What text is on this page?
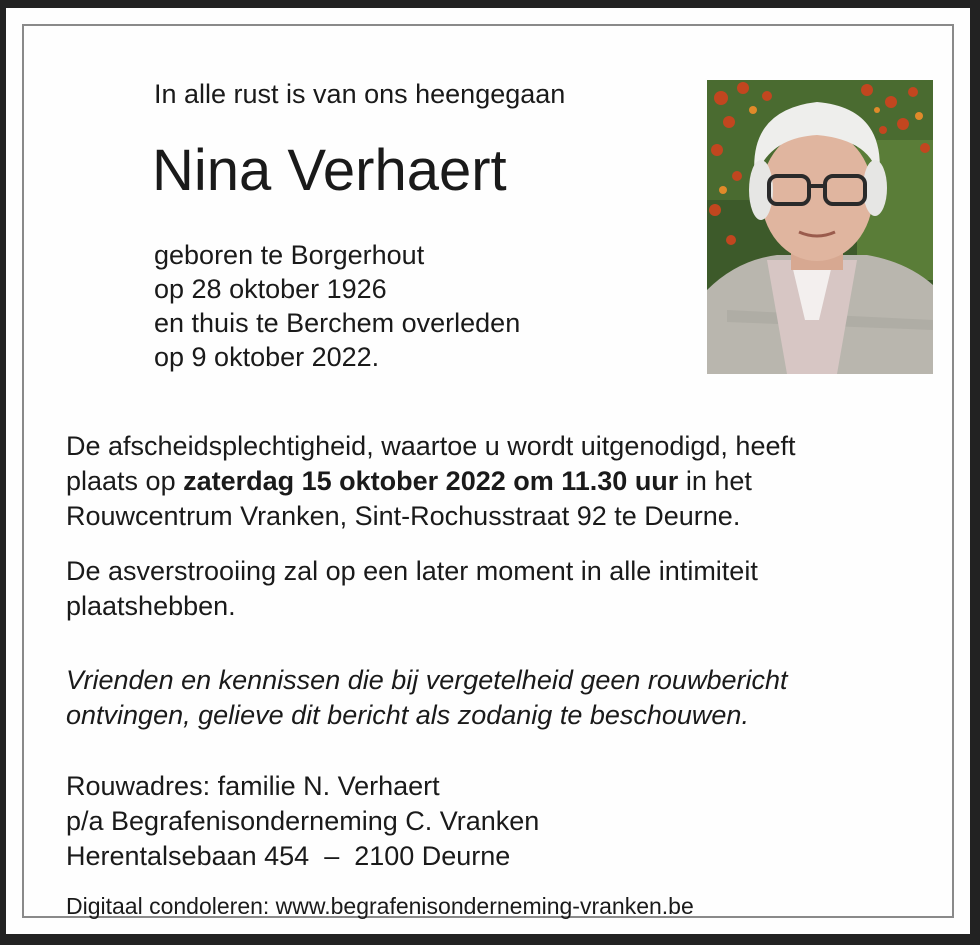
In alle rust is van ons heengegaan

Nina Verhaert
geboren te Borgerhout
op 28 oktober 1926
en thuis te Berchem overleden
op 9 oktober 2022.

De afscheidsplechtigheid, waartoe u wordt uitgenodigd, heeft
plaats op zaterdag 15 oktober 2022 om 11.30 uur in het
Rouwcentrum Vranken, Sint-Rochusstraat 92 te Deurne.

De asverstrooiing zal op een later moment in alle intimiteit
plaatshebben.

Vrienden en kennissen die bij vergetelheid geen rouwbericht
ontvingen, gelieve dit bericht als zodanig te beschouwen.

Rouwadres: familie N. Verhaert
p/a Begrafenisonderneming C. Vranken
Herentalsebaan 454  –  2100 Deurne

Digitaal condoleren: www.begrafenisonderneming-vranken.be
